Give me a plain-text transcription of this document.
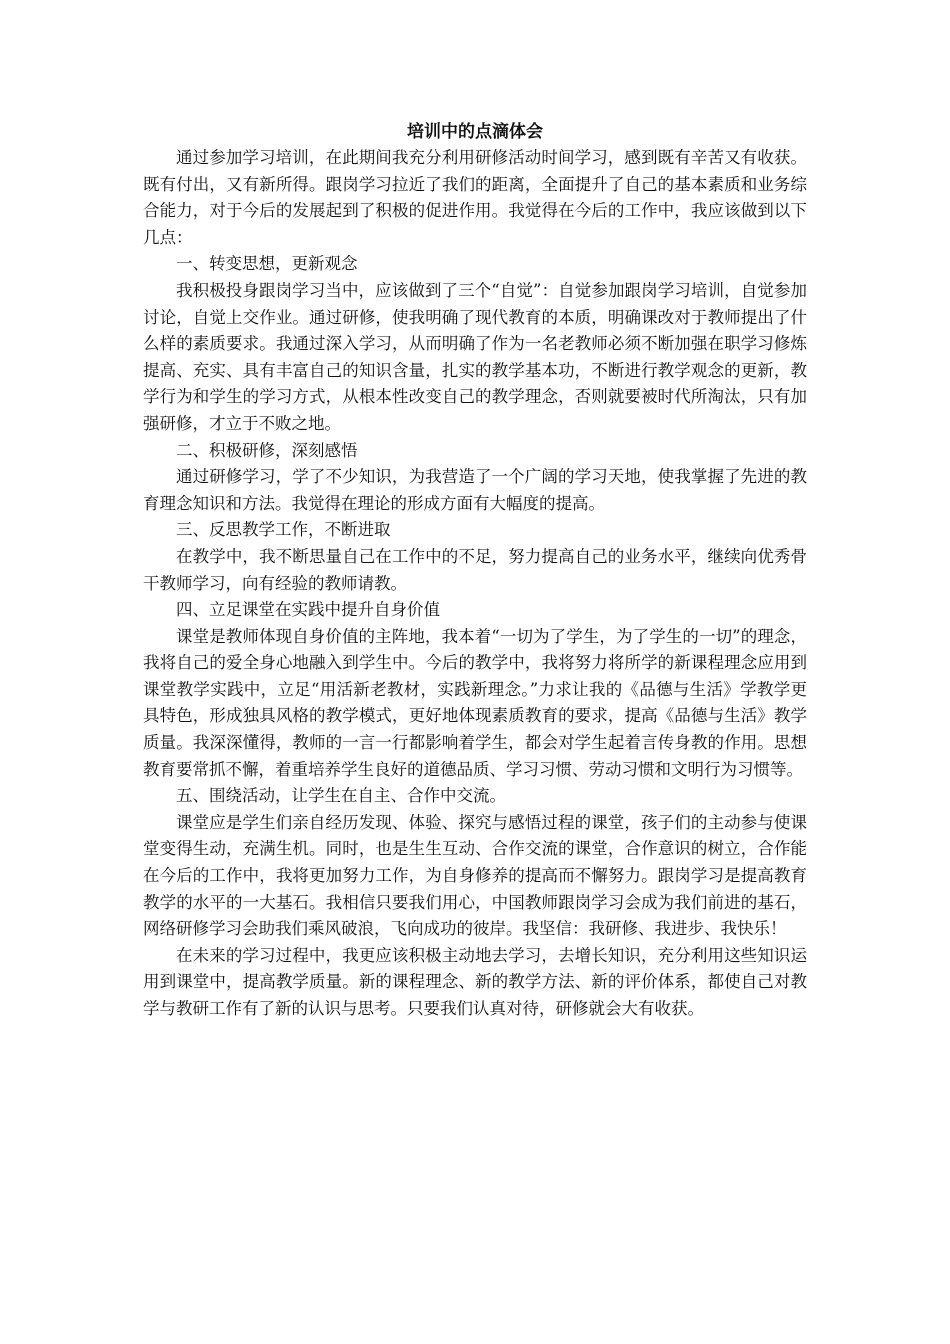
培训中的点滴体会

通过参加学习培训，在此期间我充分利用研修活动时间学习，感到既有辛苦又有收获。既有付出，又有新所得。跟岗学习拉近了我们的距离，全面提升了自己的基本素质和业务综合能力，对于今后的发展起到了积极的促进作用。我觉得在今后的工作中，我应该做到以下几点：

一、转变思想，更新观念

我积极投身跟岗学习当中，应该做到了三个“自觉”：自觉参加跟岗学习培训，自觉参加讨论，自觉上交作业。通过研修，使我明确了现代教育的本质，明确课改对于教师提出了什么样的素质要求。我通过深入学习，从而明确了作为一名老教师必须不断加强在职学习修炼提高、充实、具有丰富自己的知识含量，扎实的教学基本功，不断进行教学观念的更新，教学行为和学生的学习方式，从根本性改变自己的教学理念，否则就要被时代所淘汰，只有加强研修，才立于不败之地。

二、积极研修，深刻感悟

通过研修学习，学了不少知识，为我营造了一个广阔的学习天地，使我掌握了先进的教育理念知识和方法。我觉得在理论的形成方面有大幅度的提高。

三、反思教学工作，不断进取

在教学中，我不断思量自己在工作中的不足，努力提高自己的业务水平，继续向优秀骨干教师学习，向有经验的教师请教。

四、立足课堂在实践中提升自身价值

课堂是教师体现自身价值的主阵地，我本着“一切为了学生，为了学生的一切”的理念，我将自己的爱全身心地融入到学生中。今后的教学中，我将努力将所学的新课程理念应用到课堂教学实践中，立足“用活新老教材，实践新理念。”力求让我的《品德与生活》学教学更具特色，形成独具风格的教学模式，更好地体现素质教育的要求，提高《品德与生活》教学质量。我深深懂得，教师的一言一行都影响着学生，都会对学生起着言传身教的作用。思想教育要常抓不懈，着重培养学生良好的道德品质、学习习惯、劳动习惯和文明行为习惯等。

五、围绕活动，让学生在自主、合作中交流。

课堂应是学生们亲自经历发现、体验、探究与感悟过程的课堂，孩子们的主动参与使课堂变得生动，充满生机。同时，也是生生互动、合作交流的课堂，合作意识的树立，合作能在今后的工作中，我将更加努力工作，为自身修养的提高而不懈努力。跟岗学习是提高教育教学的水平的一大基石。我相信只要我们用心，中国教师跟岗学习会成为我们前进的基石，网络研修学习会助我们乘风破浪，飞向成功的彼岸。我坚信：我研修、我进步、我快乐！

在未来的学习过程中，我更应该积极主动地去学习，去增长知识，充分利用这些知识运用到课堂中，提高教学质量。新的课程理念、新的教学方法、新的评价体系，都使自己对教学与教研工作有了新的认识与思考。只要我们认真对待，研修就会大有收获。
